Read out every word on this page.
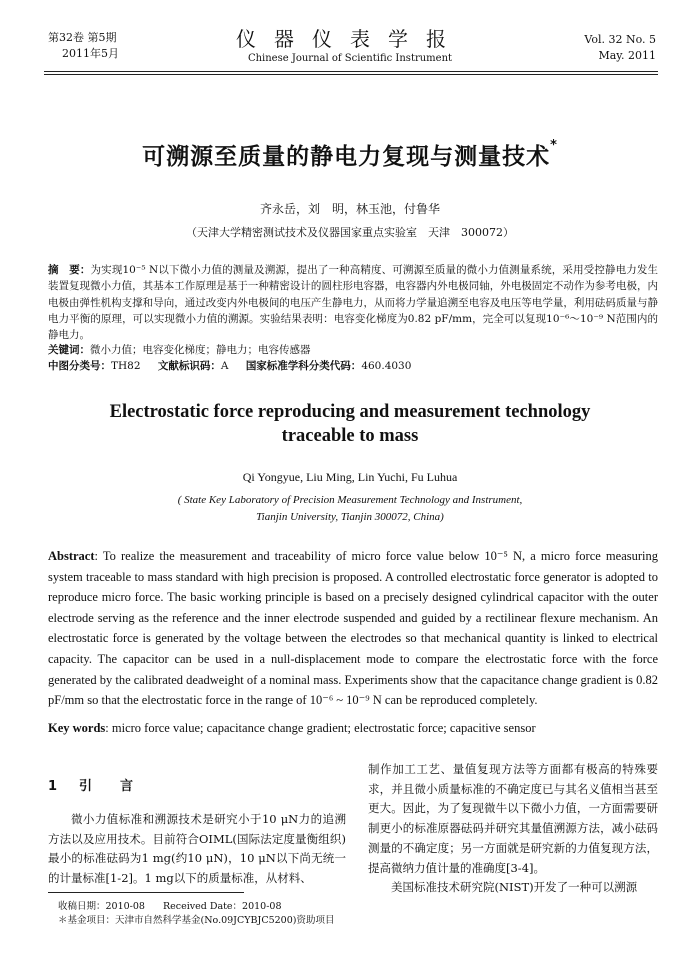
第32卷 第5期
2011年5月
仪器仪表学报
Chinese Journal of Scientific Instrument
Vol. 32 No. 5
May. 2011
可溯源至质量的静电力复现与测量技术*
齐永岳，刘　明，林玉池，付鲁华
（天津大学精密测试技术及仪器国家重点实验室　天津　300072）
摘　要：为实现10⁻⁵ N以下微小力值的测量及溯源，提出了一种高精度、可溯源至质量的微小力值测量系统，采用受控静电力发生装置复现微小力值，其基本工作原理是基于一种精密设计的圆柱形电容器，电容器内外电极同轴，外电极固定不动作为参考电极，内电极由弹性机构支撑和导向，通过改变内外电极间的电压产生静电力，从而将力学量追溯至电容及电压等电学量，利用砝码质量与静电力平衡的原理，可以实现微小力值的溯源。实验结果表明：电容变化梯度为0.82 pF/mm，完全可以复现10⁻⁶～10⁻⁹ N范围内的静电力。
关键词：微小力值；电容变化梯度；静电力；电容传感器
中图分类号：TH82 文献标识码：A 国家标准学科分类代码：460.4030
Electrostatic force reproducing and measurement technology
traceable to mass
Qi Yongyue, Liu Ming, Lin Yuchi, Fu Luhua
( State Key Laboratory of Precision Measurement Technology and Instrument,
Tianjin University, Tianjin 300072, China)
Abstract: To realize the measurement and traceability of micro force value below 10⁻⁵ N, a micro force measuring system traceable to mass standard with high precision is proposed. A controlled electrostatic force generator is adopted to reproduce micro force. The basic working principle is based on a precisely designed cylindrical capacitor with the outer electrode serving as the reference and the inner electrode suspended and guided by a rectilinear flexure mechanism. An electrostatic force is generated by the voltage between the electrodes so that mechanical quantity is linked to electrical capacity. The capacitor can be used in a null-displacement mode to compare the electrostatic force with the force generated by the calibrated deadweight of a nominal mass. Experiments show that the capacitance change gradient is 0.82 pF/mm so that the electrostatic force in the range of 10⁻⁶ ~ 10⁻⁹ N can be reproduced completely.
Key words: micro force value; capacitance change gradient; electrostatic force; capacitive sensor
1 引言

微小力值标准和溯源技术是研究小于10 μN力的追溯方法以及应用技术。目前符合OIML(国际法定度量衡组织)最小的标准砝码为1 mg(约10 μN)，10 μN以下尚无统一的计量标准[1-2]。1 mg以下的质量标准，从材料、

制作加工工艺、量值复现方法等方面都有极高的特殊要求，并且微小质量标准的不确定度已与其名义值相当甚至更大。因此，为了复现微牛以下微小力值，一方面需要研制更小的标准原器砝码并研究其量值溯源方法，减小砝码测量的不确定度；另一方面就是研究新的力值复现方法，提高微纳力值计量的准确度[3-4]。

美国标准技术研究院(NIST)开发了一种可以溯源

收稿日期：2010-08 Received Date：2010-08
＊基金项目：天津市自然科学基金(No.09JCYBJC5200)资助项目
